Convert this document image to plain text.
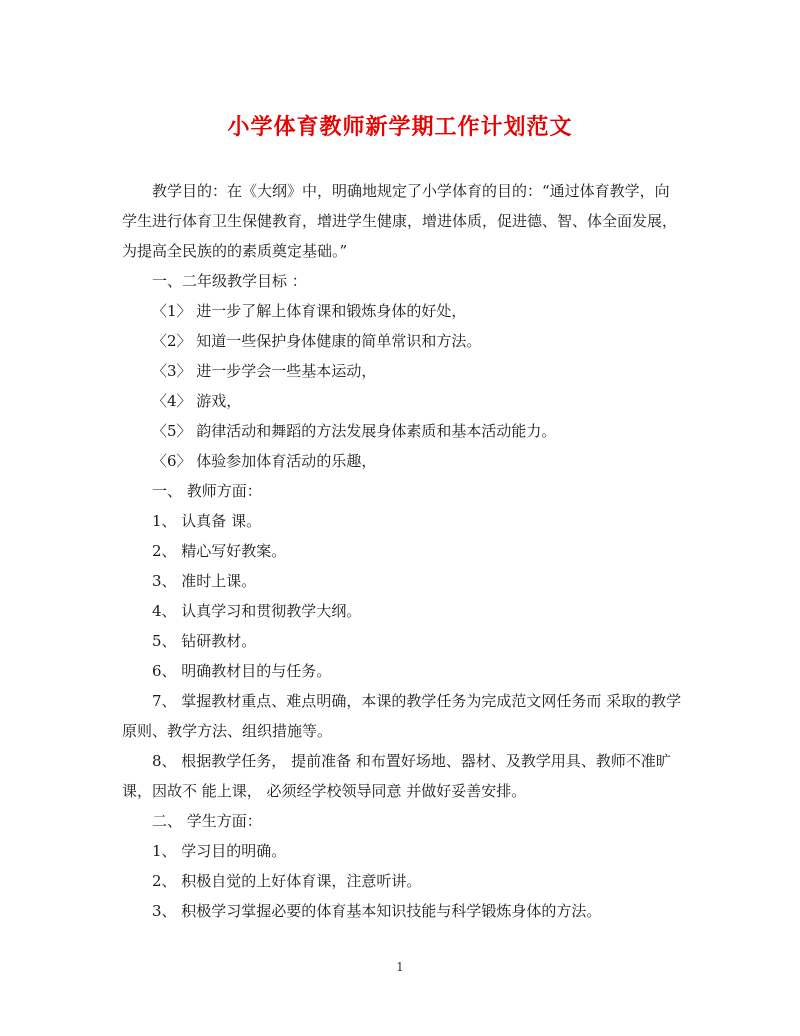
小学体育教师新学期工作计划范文

教学目的：在《大纲》中，明确地规定了小学体育的目的：“通过体育教学，向学生进行体育卫生保健教育，增进学生健康，增进体质，促进德、智、体全面发展，为提高全民族的的素质奠定基础。”

一、二年级教学目标 ：
〈1〉 进一步了解上体育课和锻炼身体的好处，
〈2〉 知道一些保护身体健康的简单常识和方法。
〈3〉 进一步学会一些基本运动，
〈4〉 游戏，
〈5〉 韵律活动和舞蹈的方法发展身体素质和基本活动能力。
〈6〉 体验参加体育活动的乐趣，
一、 教师方面：
1、 认真备 课。
2、 精心写好教案。
3、 准时上课。
4、 认真学习和贯彻教学大纲。
5、 钻研教材。
6、 明确教材目的与任务。

7、 掌握教材重点、难点明确，本课的教学任务为完成范文网任务而 采取的教学原则、教学方法、组织措施等。

8、 根据教学任务， 提前准备 和布置好场地、器材、及教学用具、教师不准旷课，因故不 能上课， 必须经学校领导同意 并做好妥善安排。

二、 学生方面：
1、 学习目的明确。
2、 积极自觉的上好体育课，注意听讲。
3、 积极学习掌握必要的体育基本知识技能与科学锻炼身体的方法。
1
